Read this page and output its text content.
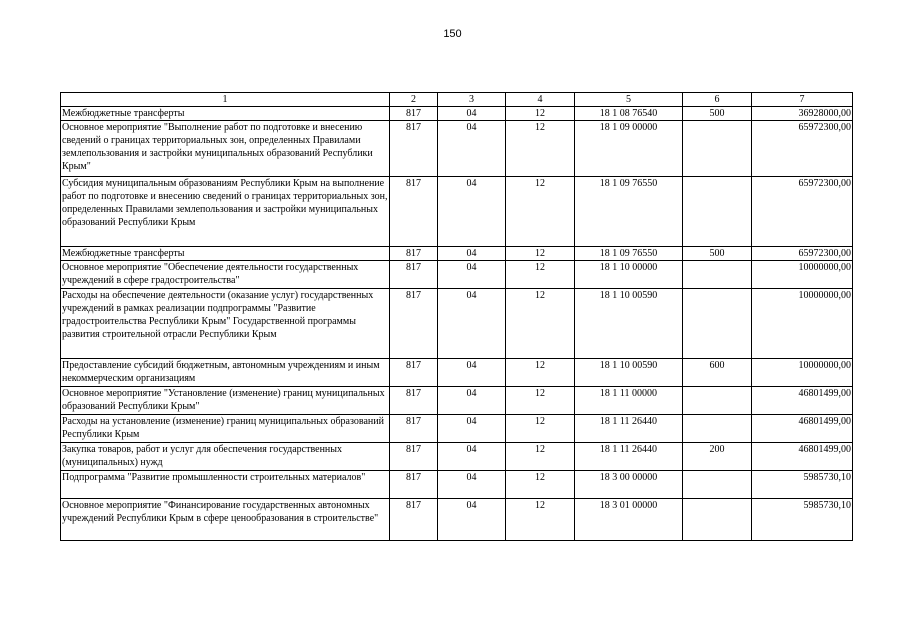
150
1	2	3	4	5	6	7
Межбюджетные трансферты	817	04	12	18 1 08 76540	500	36928000,00
Основное мероприятие "Выполнение работ по подготовке и внесению сведений о границах территориальных зон, определенных Правилами землепользования и застройки муниципальных образований Республики Крым"	817	04	12	18 1 09 00000		65972300,00
Субсидия муниципальным образованиям Республики Крым на выполнение работ по подготовке и внесению сведений о границах территориальных зон, определенных Правилами землепользования и застройки муниципальных образований Республики Крым	817	04	12	18 1 09 76550		65972300,00
Межбюджетные трансферты	817	04	12	18 1 09 76550	500	65972300,00
Основное мероприятие "Обеспечение деятельности государственных учреждений в сфере градостроительства"	817	04	12	18 1 10 00000		10000000,00
Расходы на обеспечение деятельности (оказание услуг) государственных учреждений в рамках реализации подпрограммы "Развитие градостроительства Республики Крым" Государственной программы развития строительной отрасли Республики Крым	817	04	12	18 1 10 00590		10000000,00
Предоставление субсидий бюджетным, автономным учреждениям и иным некоммерческим организациям	817	04	12	18 1 10 00590	600	10000000,00
Основное мероприятие "Установление (изменение) границ муниципальных образований Республики Крым"	817	04	12	18 1 11 00000		46801499,00
Расходы на установление (изменение) границ муниципальных образований Республики Крым	817	04	12	18 1 11 26440		46801499,00
Закупка товаров, работ и услуг для обеспечения государственных (муниципальных) нужд	817	04	12	18 1 11 26440	200	46801499,00
Подпрограмма "Развитие промышленности строительных материалов"	817	04	12	18 3 00 00000		5985730,10
Основное мероприятие "Финансирование государственных автономных учреждений Республики Крым в сфере ценообразования в строительстве"	817	04	12	18 3 01 00000		5985730,10
